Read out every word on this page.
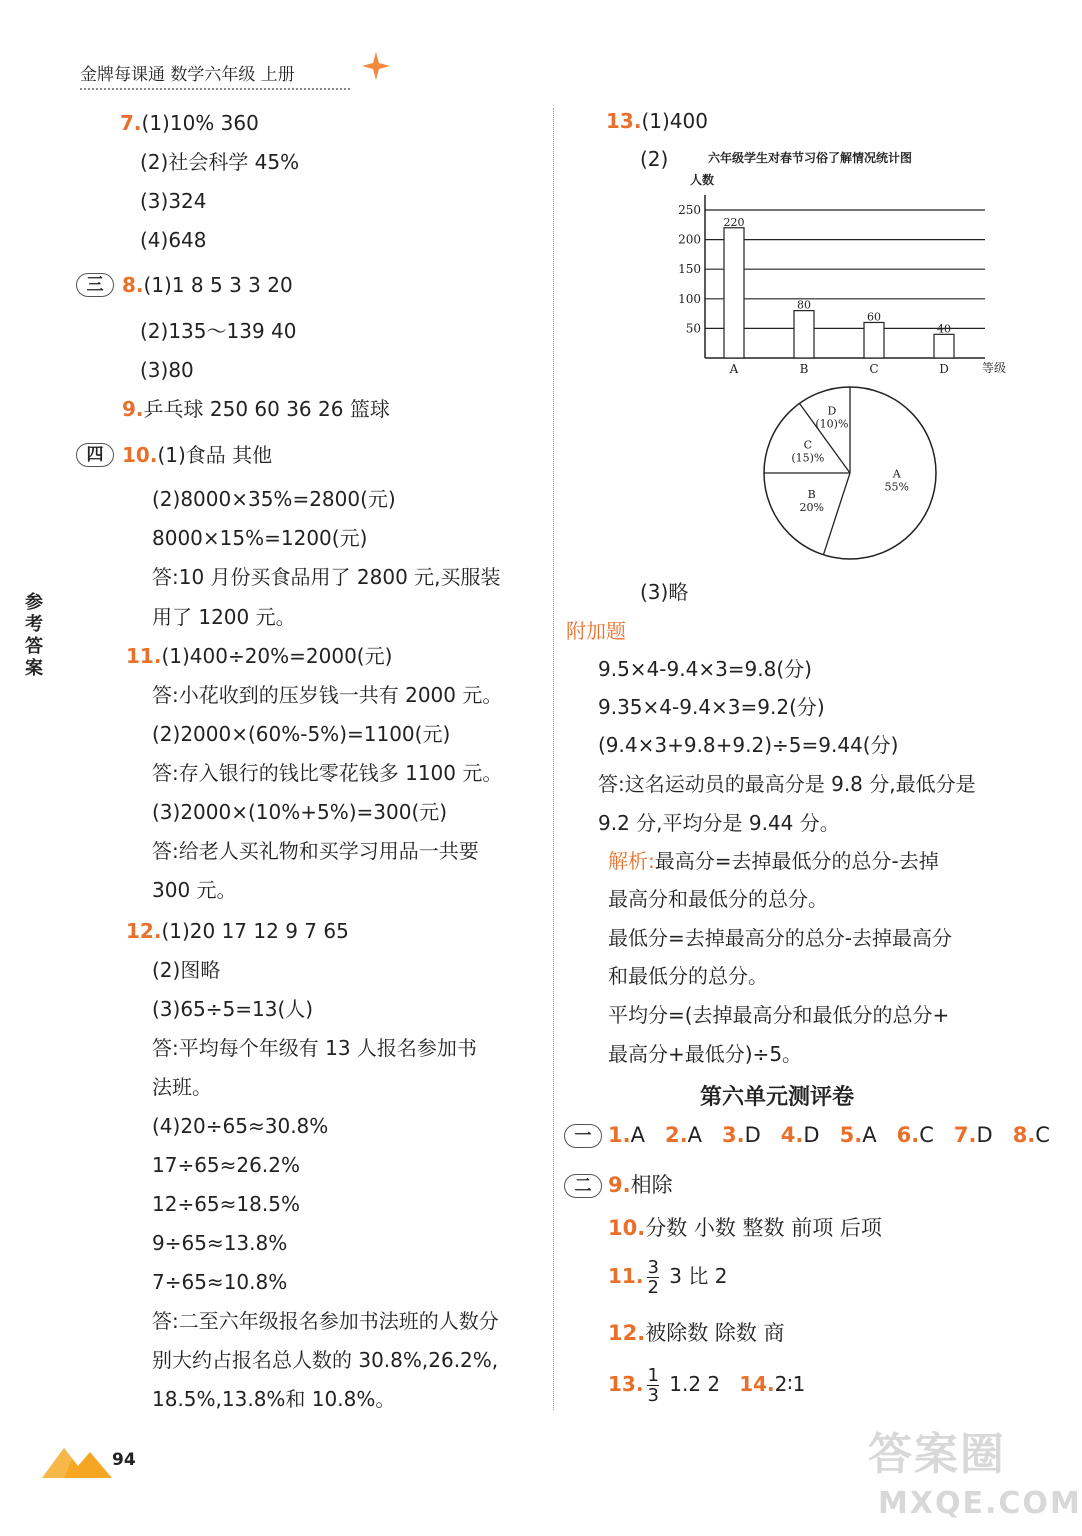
金牌每课通 数学六年级 上册
参考答案
7.(1)10% 360
(2)社会科学 45%
(3)324
(4)648
三 8.(1)1 8 5 3 3 20
(2)135～139 40
(3)80
9.乒乓球 250 60 36 26 篮球
四 10.(1)食品 其他
(2)8000×35%=2800(元)
8000×15%=1200(元)
答:10 月份买食品用了 2800 元,买服装
用了 1200 元。
11.(1)400÷20%=2000(元)
答:小花收到的压岁钱一共有 2000 元。
(2)2000×(60%-5%)=1100(元)
答:存入银行的钱比零花钱多 1100 元。
(3)2000×(10%+5%)=300(元)
答:给老人买礼物和买学习用品一共要
300 元。
12.(1)20 17 12 9 7 65
(2)图略
(3)65÷5=13(人)
答:平均每个年级有 13 人报名参加书
法班。
(4)20÷65≈30.8%
17÷65≈26.2%
12÷65≈18.5%
9÷65≈13.8%
7÷65≈10.8%
答:二至六年级报名参加书法班的人数分
别大约占报名总人数的 30.8%,26.2%,
18.5%,13.8%和 10.8%。
13.(1)400
(2)	六年级学生对春节习俗了解情况统计图
人数
等级
50
100
150
200
250
220
A
80
B
60
C
40
D
A
55%
B
20%
C
(15)%
D
(10)%
(3)略
附加题
9.5×4-9.4×3=9.8(分)
9.35×4-9.4×3=9.2(分)
(9.4×3+9.8+9.2)÷5=9.44(分)
答:这名运动员的最高分是 9.8 分,最低分是
9.2 分,平均分是 9.44 分。
解析:最高分=去掉最低分的总分-去掉
最高分和最低分的总分。
最低分=去掉最高分的总分-去掉最高分
和最低分的总分。
平均分=(去掉最高分和最低分的总分+
最高分+最低分)÷5。
第六单元测评卷
一 1.A 2.A 3.D 4.D 5.A 6.C 7.D 8.C
二 9.相除
10.分数 小数 整数 前项 后项
11. $\frac{3}{2} 3$ 比 2
12.被除数 除数 商
13. $\frac{1}{3} 1.2$ 2 14.2∶1
94	答案圈
MXQE.COM
